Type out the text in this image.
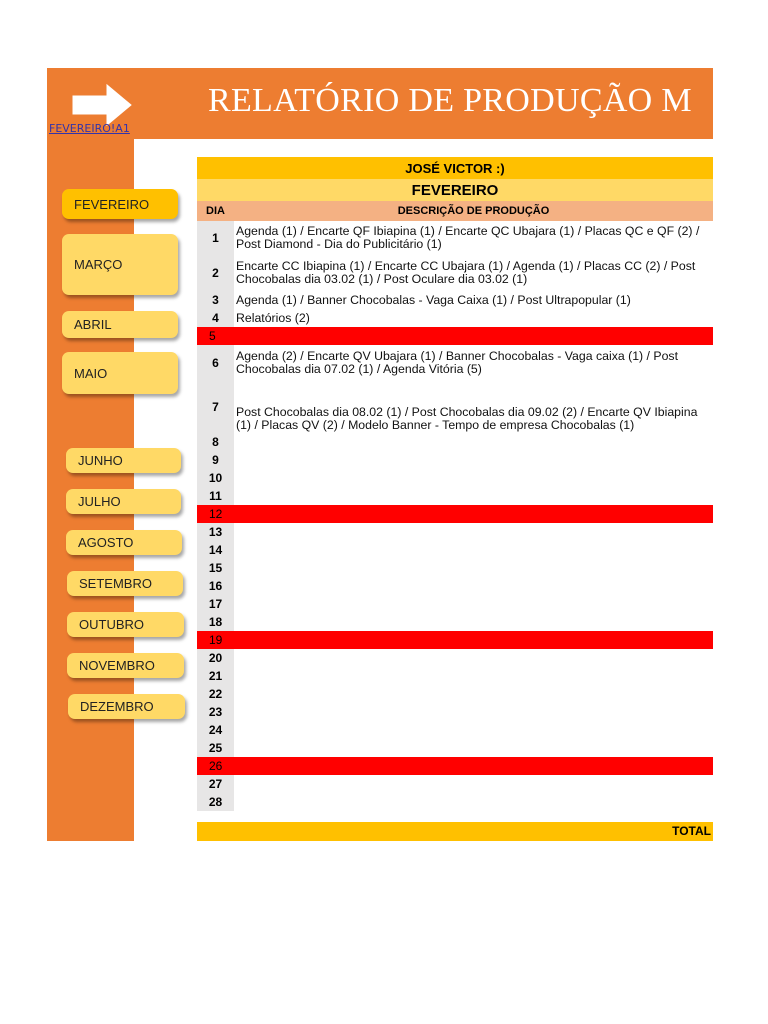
FEVEREIRO!A1
RELATÓRIO DE PRODUÇÃO M
FEVEREIRO
MARÇO
ABRIL
MAIO
JUNHO
JULHO
AGOSTO
SETEMBRO
OUTUBRO
NOVEMBRO
DEZEMBRO
JOSÉ VICTOR :)
FEVEREIRO
DIA	DESCRIÇÃO DE PRODUÇÃO
1	Agenda (1) / Encarte QF Ibiapina (1) / Encarte QC Ubajara (1) / Placas QC e QF (2) / Post Diamond - Dia do Publicitário (1)
2	Encarte CC Ibiapina (1) / Encarte CC Ubajara (1) / Agenda (1) / Placas CC (2) / Post Chocobalas dia 03.02 (1) / Post Oculare dia 03.02 (1)
3	Agenda (1) / Banner Chocobalas - Vaga Caixa (1) / Post Ultrapopular (1)
4	Relatórios (2)
5
6	Agenda (2) / Encarte QV Ubajara (1) / Banner Chocobalas - Vaga caixa (1) / Post Chocobalas dia 07.02 (1) / Agenda Vitória (5)
7	Post Chocobalas dia 08.02 (1) / Post Chocobalas dia 09.02 (2) / Encarte QV Ibiapina (1) / Placas QV (2) / Modelo Banner - Tempo de empresa Chocobalas (1)
8
9
10
11
12
13
14
15
16
17
18
19
20
21
22
23
24
25
26
27
28
TOTAL
